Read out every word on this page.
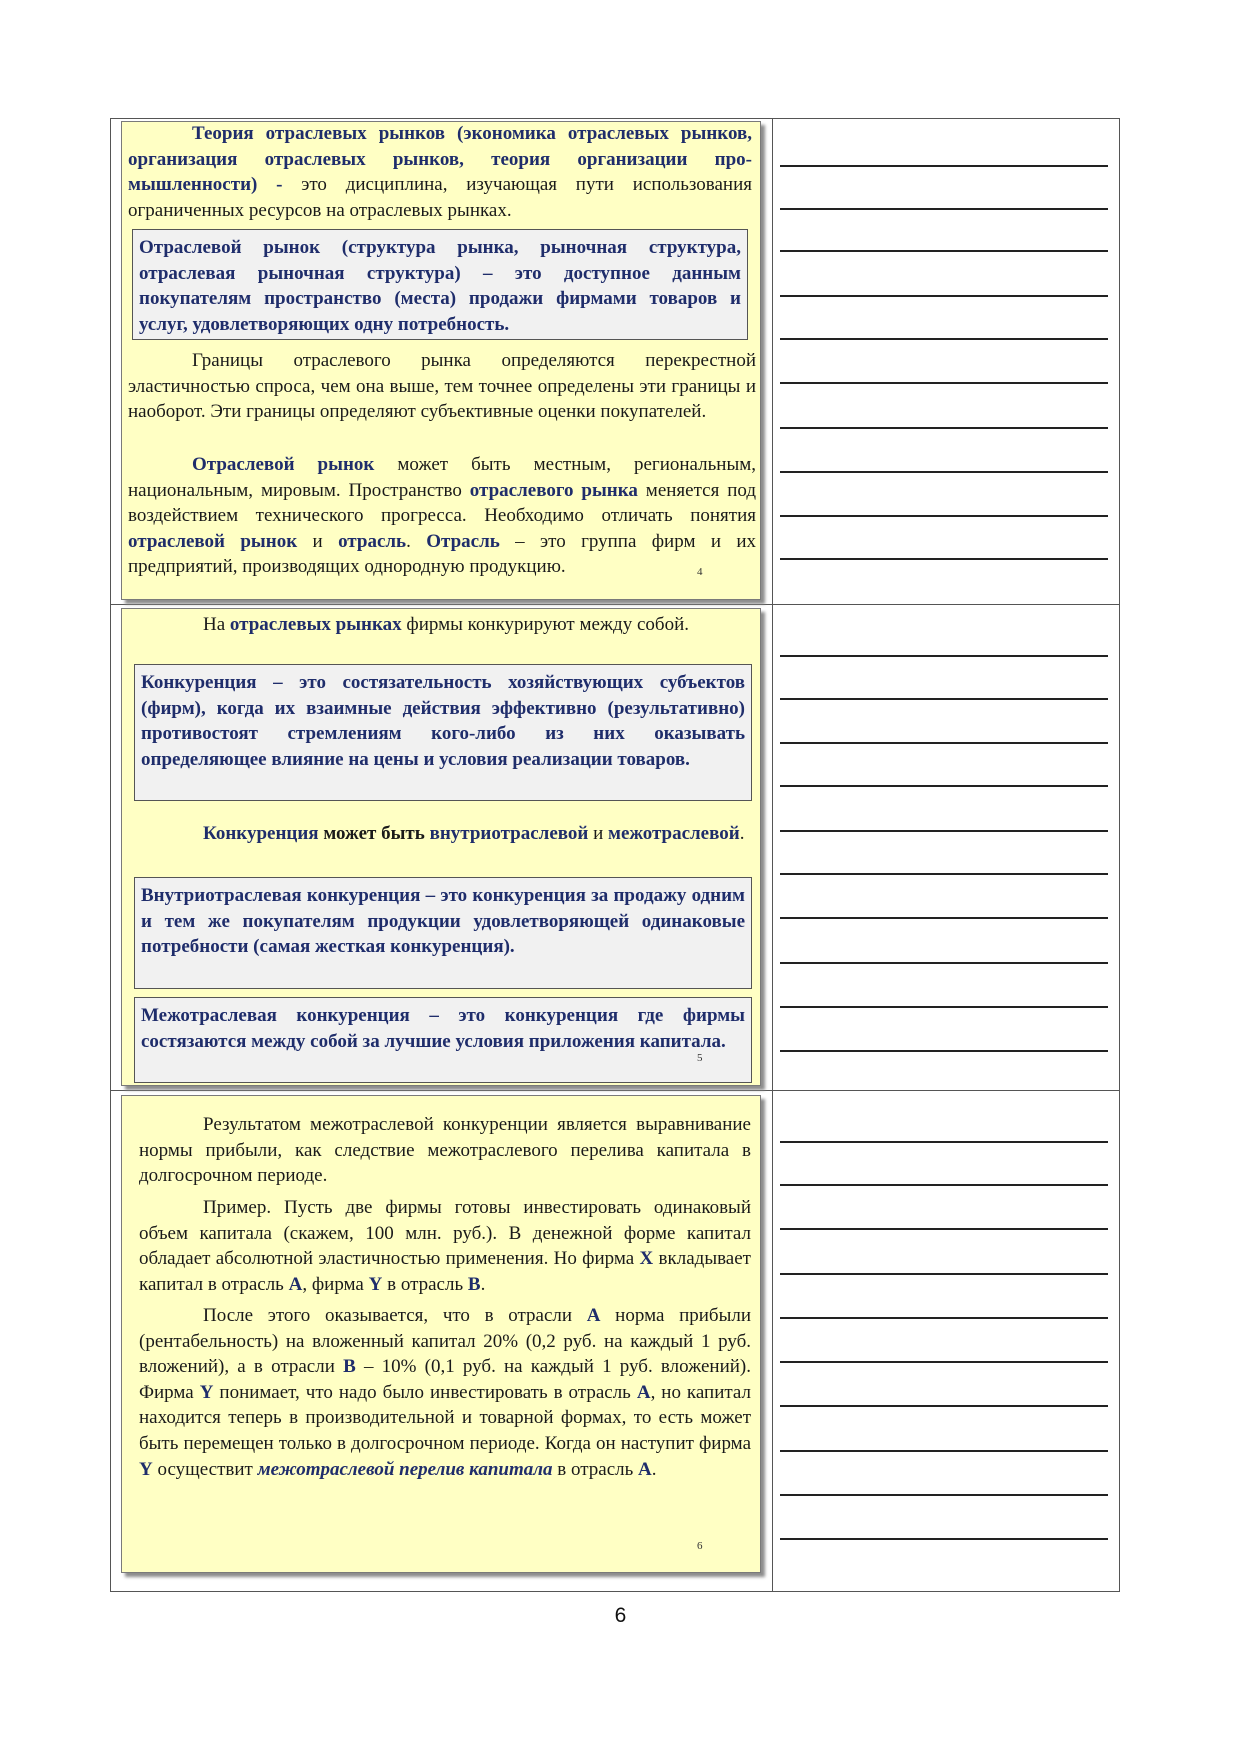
Теория отраслевых рынков (экономика отраслевых рынков, организация отраслевых рынков, теория организации промышленности) - это дисциплина, изучающая пути использования ограниченных ресурсов на отраслевых рынках.
Отраслевой рынок (структура рынка, рыночная структура, отраслевая рыночная структура) – это доступное данным покупателям пространство (места) продажи фирмами товаров и услуг, удовлетворяющих одну потребность.
Границы отраслевого рынка определяются перекрестной эластичностью спроса, чем она выше, тем точнее определены эти границы и наоборот. Эти границы определяют субъективные оценки покупателей.
Отраслевой рынок может быть местным, региональным, национальным, мировым. Пространство отраслевого рынка меняется под воздействием технического прогресса. Необходимо отличать понятия отраслевой рынок и отрасль. Отрасль – это группа фирм и их предприятий, производящих однородную продукцию.	4
На отраслевых рынках фирмы конкурируют между собой.
Конкуренция – это состязательность хозяйствующих субъектов (фирм), когда их взаимные действия эффективно (результативно) противостоят стремлениям кого-либо из них оказывать определяющее влияние на цены и условия реализации товаров.
Конкуренция может быть внутриотраслевой и межотраслевой.
Внутриотраслевая конкуренция – это конкуренция за продажу одним и тем же покупателям продукции удовлетворяющей одинаковые потребности (самая жесткая конкуренция).
Межотраслевая конкуренция – это конкуренция где фирмы состязаются между собой за лучшие условия приложения капитала.
5
Результатом межотраслевой конкуренции является выравнивание нормы прибыли, как следствие межотраслевого перелива капитала в долгосрочном периоде.
Пример. Пусть две фирмы готовы инвестировать одинаковый объем капитала (скажем, 100 млн. руб.). В денежной форме капитал обладает абсолютной эластичностью применения. Но фирма X вкладывает капитал в отрасль А, фирма Y в отрасль В.
После этого оказывается, что в отрасли А норма прибыли (рентабельность) на вложенный капитал 20% (0,2 руб. на каждый 1 руб. вложений), а в отрасли В – 10% (0,1 руб. на каждый 1 руб. вложений). Фирма Y понимает, что надо было инвестировать в отрасль А, но капитал находится теперь в производительной и товарной формах, то есть может быть перемещен только в долгосрочном периоде. Когда он наступит фирма Y осуществит межотраслевой перелив капитала в отрасль А.
6
6
